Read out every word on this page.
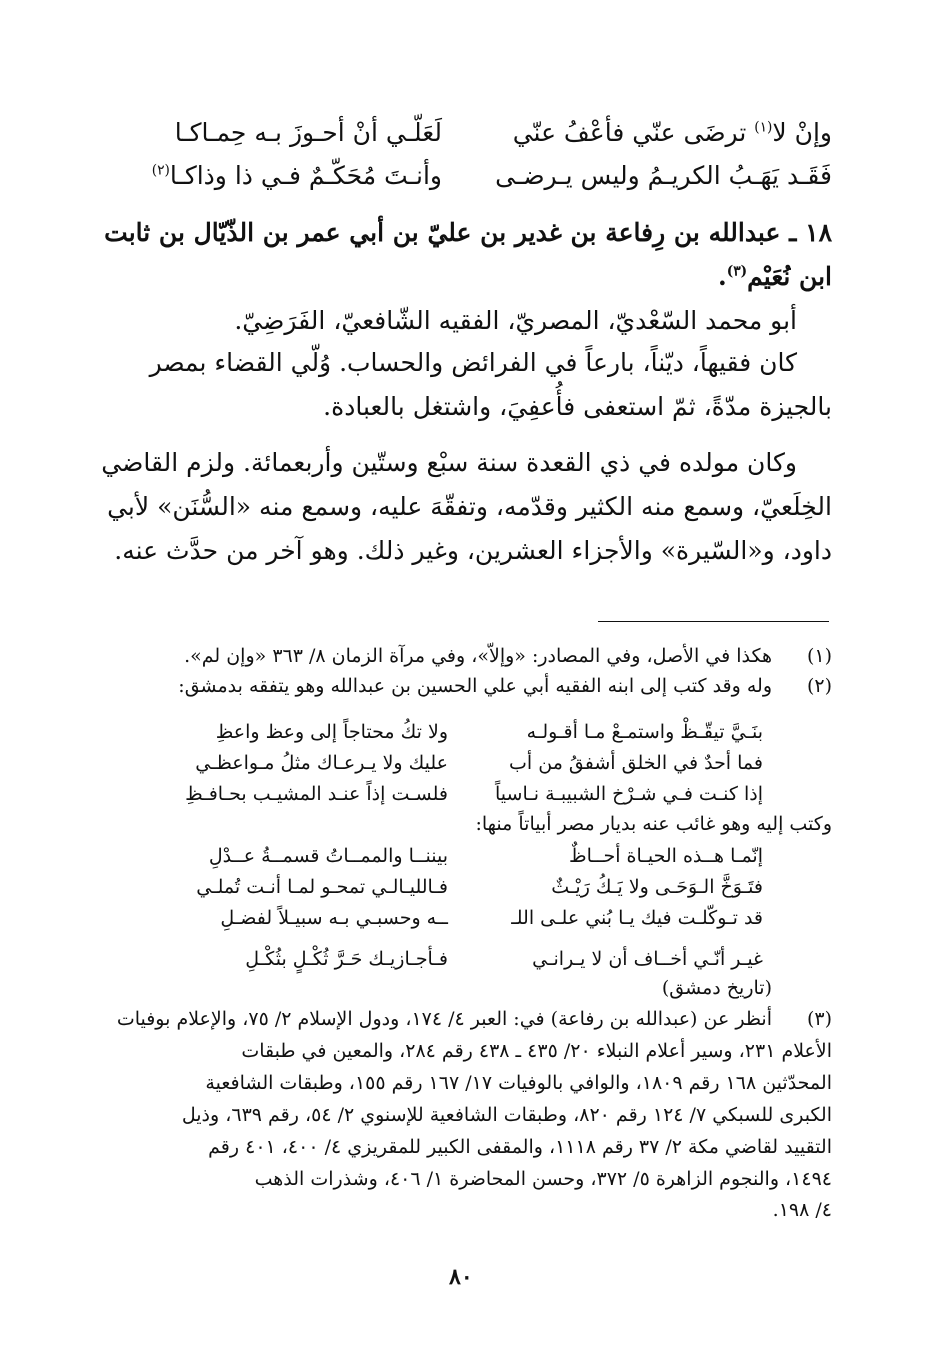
وإنْ لا$^{(١)}$ ترضَى عنّي فأعْفُ عنّي
لَعَلّـي أنْ أحـوزَ بـه حِمـاكـا
فَقَـد يَهَـبُ الكريـمُ وليس يـرضـى
وأنـتَ مُحَكّـمٌ فـي ذا وذاكـا$^{(٢)}$
١٨ ـ عبدالله بن رِفاعة بن غدير بن عليّ بن أبي عمر بن الذّيّال بن ثابت
ابن نُعَيْم$^{(٣)}$.
أبو محمد السّعْديّ، المصريّ، الفقيه الشّافعيّ، الفَرَضِيّ.
كان فقيهاً، ديّناً، بارعاً في الفرائض والحساب. وُلّي القضاء بمصر
بالجيزة مدّةً، ثمّ استعفى فأُعفِيَ، واشتغل بالعبادة.
وكان مولده في ذي القعدة سنة سبْع وستّين وأربعمائة. ولزم القاضي
الخِلَعيّ، وسمع منه الكثير وقدّمه، وتفقّهَ عليه، وسمع منه «السُّنَن» لأبي
داود، و«السّيرة» والأجزاء العشرين، وغير ذلك. وهو آخر من حدَّث عنه.
(١)
هكذا في الأصل، وفي المصادر: «وإلاّ»، وفي مرآة الزمان ٨/ ٣٦٣ «وإن لم».
(٢)
وله وقد كتب إلى ابنه الفقيه أبي علي الحسين بن عبدالله وهو يتفقه بدمشق:
بنَـيَّ تيقّـظْ واستمـعْ مـا أقـولـه
ولا تكُ محتاجاً إلى وعظ واعظِ
فما أحدٌ في الخلق أشفقُ من أب
عليك ولا يـرعـاك مثلُ مـواعظـي
إذا كنـت فـي شـرْخ الشبيبـة نـاسياً
فلسـت إذاً عنـد المشيـب بحـافـظِ
وكتب إليه وهو غائب عنه بديار مصر أبياتاً منها:
إنّمـا هــذه الحيـاة أحــاظٌ
بيننــا والممــاتُ قسمــةُ عــدْلِ
فتَـوَخَّ الـوَحَـى ولا يَـكُ رَيْـثٌ
فـالليـالـي تمحـو لمـا أنـت تُملـي
قد تـوكّلـت فيك يـا بُني علـى اللـ
ــه وحسبـي بـه سبيـلاً لفضـلِ
غيـر أنّـي أخــاف أن لا يـرانـي
فـأجـازيـك حَـرَّ ثُكْـلٍ بثُكْـلِ
(تاريخ دمشق)
(٣)
أنظر عن (عبدالله بن رفاعة) في: العبر ٤/ ١٧٤، ودول الإسلام ٢/ ٧٥، والإعلام بوفيات
الأعلام ٢٣١، وسير أعلام النبلاء ٢٠/ ٤٣٥ ـ ٤٣٨ رقم ٢٨٤، والمعين في طبقات
المحدّثين ١٦٨ رقم ١٨٠٩، والوافي بالوفيات ١٧/ ١٦٧ رقم ١٥٥، وطبقات الشافعية
الكبرى للسبكي ٧/ ١٢٤ رقم ٨٢٠، وطبقات الشافعية للإسنوي ٢/ ٥٤، رقم ٦٣٩، وذيل
التقييد لقاضي مكة ٢/ ٣٧ رقم ١١١٨، والمقفى الكبير للمقريزي ٤/ ٤٠٠، ٤٠١ رقم
١٤٩٤، والنجوم الزاهرة ٥/ ٣٧٢، وحسن المحاضرة ١/ ٤٠٦، وشذرات الذهب
٤/ ١٩٨.
٨٠
